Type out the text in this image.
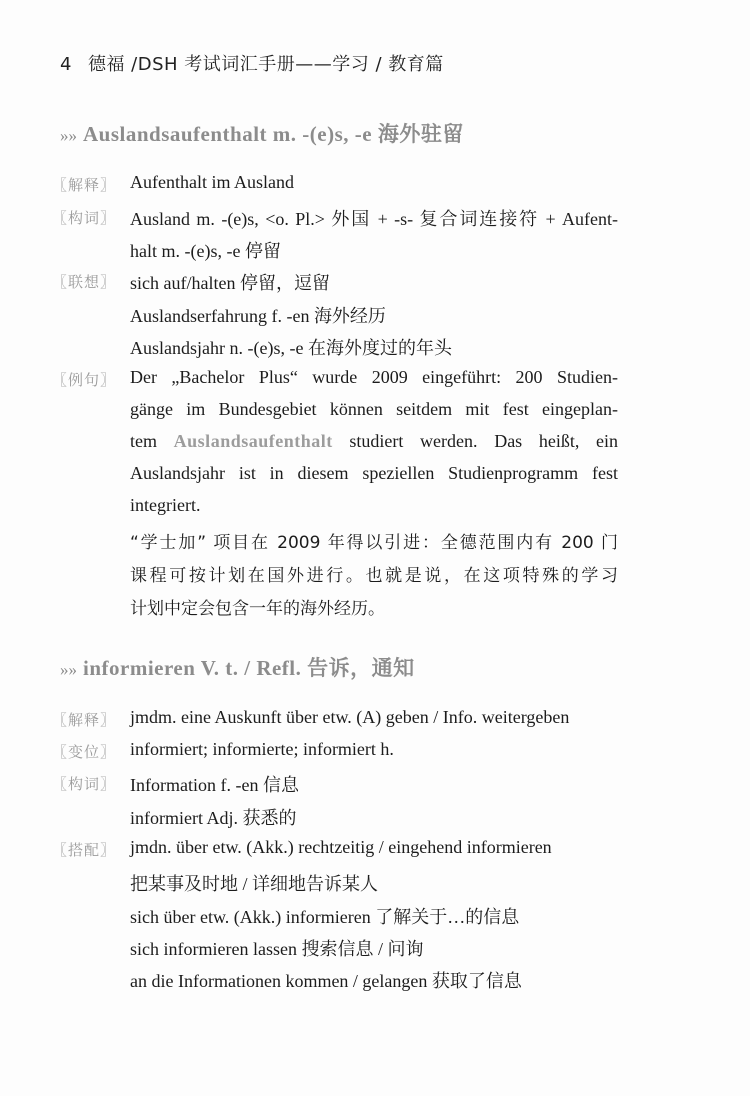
4 德福 /DSH 考试词汇手册——学习 / 教育篇
»» Auslandsaufenthalt m. -(e)s, -e 海外驻留
〖解释〗 Aufenthalt im Ausland
〖构词〗 Ausland m. -(e)s, <o. Pl.> 外国 + -s- 复合词连接符 + Aufent-
halt m. -(e)s, -e 停留
〖联想〗 sich auf/halten 停留，逗留
Auslandserfahrung f. -en 海外经历
Auslandsjahr n. -(e)s, -e 在海外度过的年头
〖例句〗 Der „Bachelor Plus“ wurde 2009 eingeführt: 200 Studien-
gänge im Bundesgebiet können seitdem mit fest eingeplan-
tem Auslandsaufenthalt studiert werden. Das heißt, ein
Auslandsjahr ist in diesem speziellen Studienprogramm fest
integriert.
“学士加” 项目在 2009 年得以引进：全德范围内有 200 门
课程可按计划在国外进行。也就是说，在这项特殊的学习
计划中定会包含一年的海外经历。
»» informieren V. t. / Refl. 告诉，通知
〖解释〗 jmdm. eine Auskunft über etw. (A) geben / Info. weitergeben
〖变位〗 informiert; informierte; informiert h.
〖构词〗 Information f. -en 信息
informiert Adj. 获悉的
〖搭配〗 jmdn. über etw. (Akk.) rechtzeitig / eingehend informieren
把某事及时地 / 详细地告诉某人
sich über etw. (Akk.) informieren 了解关于…的信息
sich informieren lassen 搜索信息 / 问询
an die Informationen kommen / gelangen 获取了信息
